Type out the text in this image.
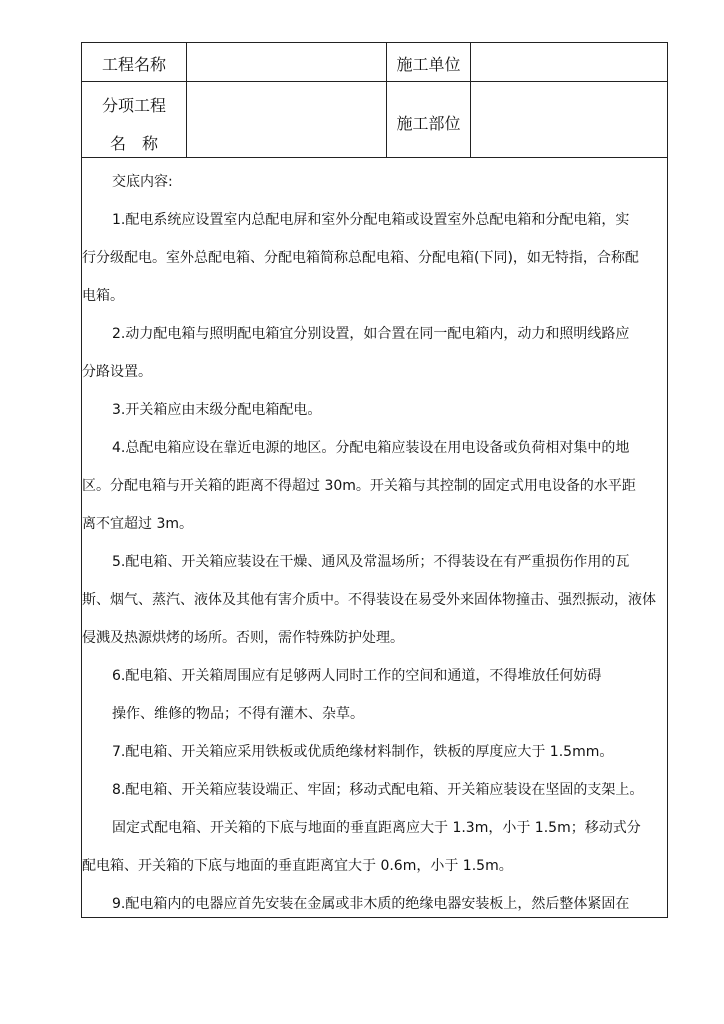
工程名称	施工单位
分项工程
名　称
施工部位
交底内容:
1.配电系统应设置室内总配电屏和室外分配电箱或设置室外总配电箱和分配电箱，实
行分级配电。室外总配电箱、分配电箱简称总配电箱、分配电箱(下同)，如无特指，合称配
电箱。
2.动力配电箱与照明配电箱宜分别设置，如合置在同一配电箱内，动力和照明线路应
分路设置。
3.开关箱应由末级分配电箱配电。
4.总配电箱应设在靠近电源的地区。分配电箱应装设在用电设备或负荷相对集中的地
区。分配电箱与开关箱的距离不得超过 30m。开关箱与其控制的固定式用电设备的水平距
离不宜超过 3m。
5.配电箱、开关箱应装设在干燥、通风及常温场所；不得装设在有严重损伤作用的瓦
斯、烟气、蒸汽、液体及其他有害介质中。不得装设在易受外来固体物撞击、强烈振动，液体
侵溅及热源烘烤的场所。否则，需作特殊防护处理。
6.配电箱、开关箱周围应有足够两人同时工作的空间和通道，不得堆放任何妨碍
操作、维修的物品；不得有灌木、杂草。
7.配电箱、开关箱应采用铁板或优质绝缘材料制作，铁板的厚度应大于 1.5mm。
8.配电箱、开关箱应装设端正、牢固；移动式配电箱、开关箱应装设在坚固的支架上。
固定式配电箱、开关箱的下底与地面的垂直距离应大于 1.3m，小于 1.5m；移动式分
配电箱、开关箱的下底与地面的垂直距离宜大于 0.6m，小于 1.5m。
9.配电箱内的电器应首先安装在金属或非木质的绝缘电器安装板上，然后整体紧固在
